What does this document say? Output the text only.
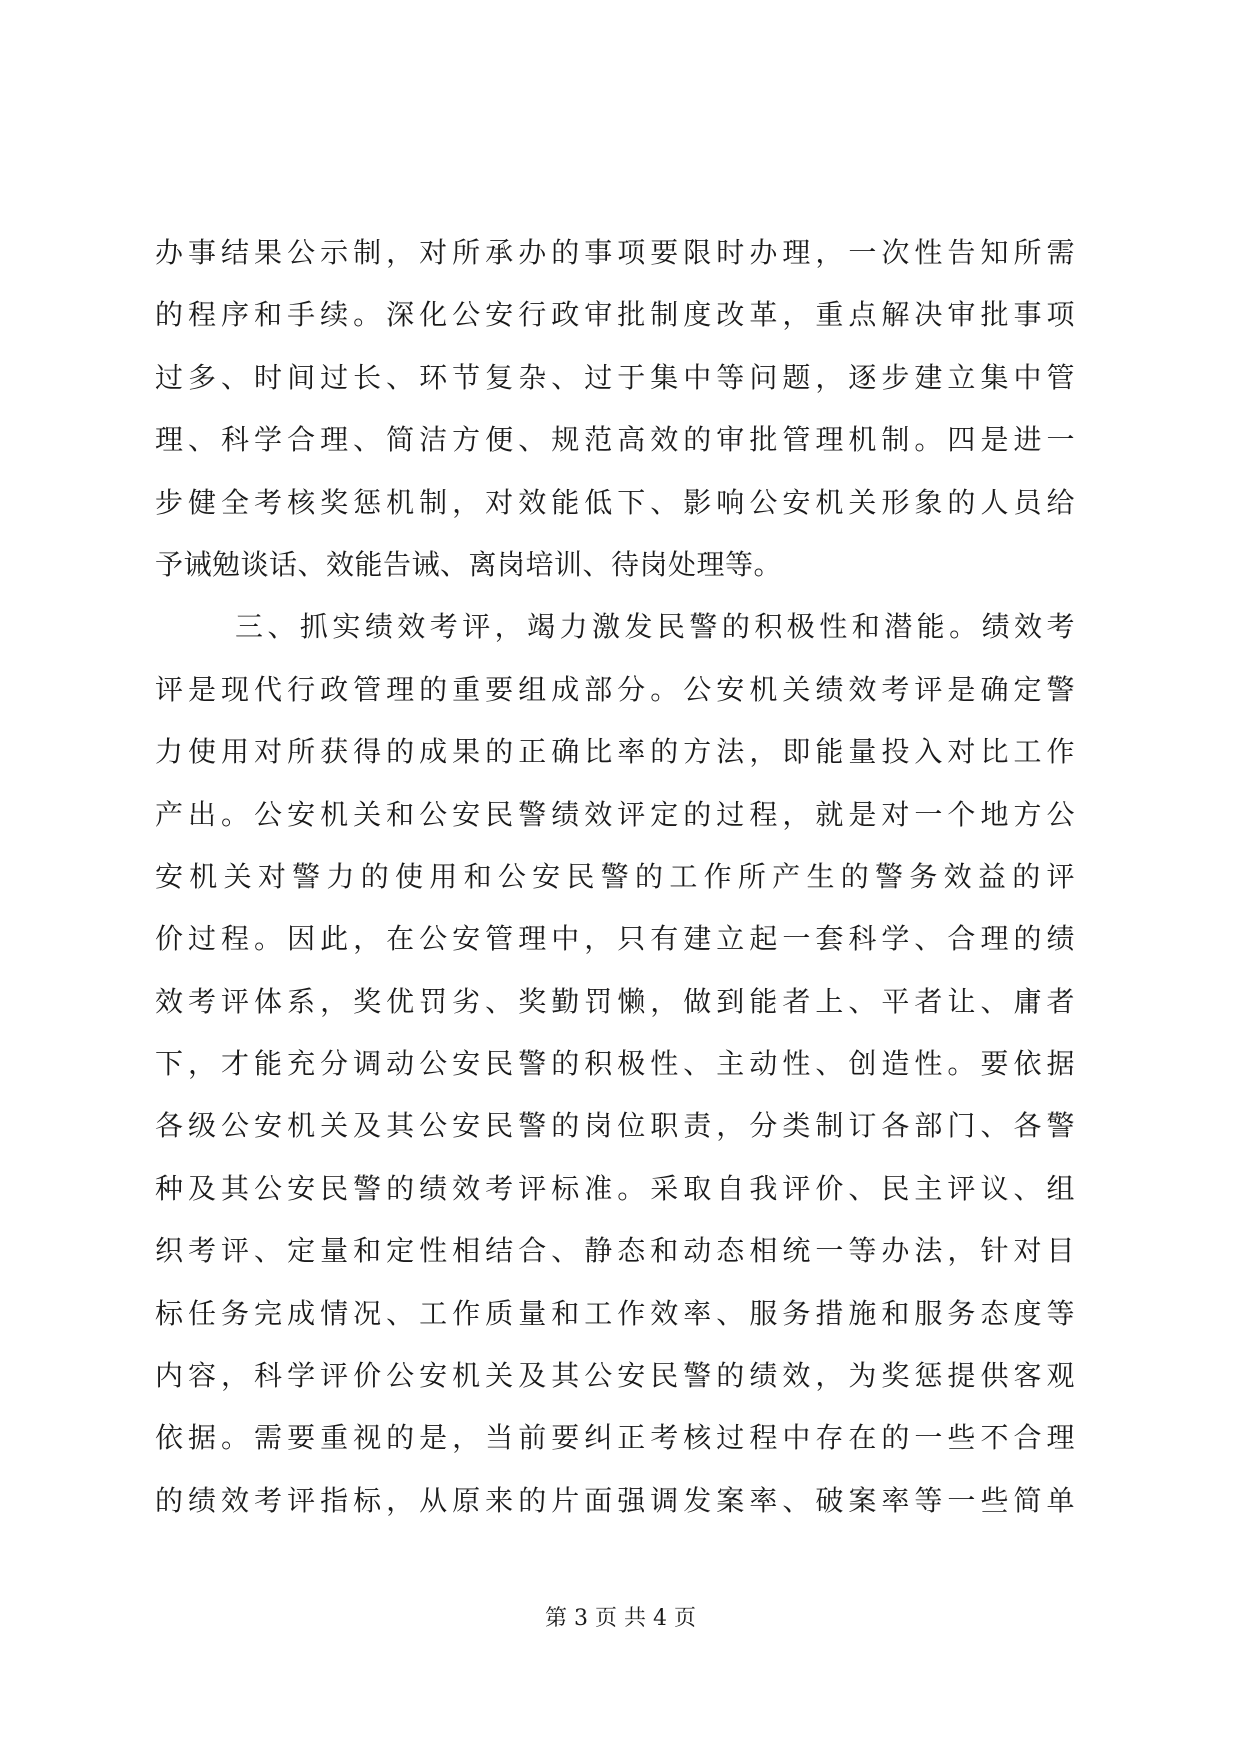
办事结果公示制，对所承办的事项要限时办理，一次性告知所需
的程序和手续。深化公安行政审批制度改革，重点解决审批事项
过多、时间过长、环节复杂、过于集中等问题，逐步建立集中管
理、科学合理、简洁方便、规范高效的审批管理机制。四是进一
步健全考核奖惩机制，对效能低下、影响公安机关形象的人员给
予诫勉谈话、效能告诫、离岗培训、待岗处理等。
三、抓实绩效考评，竭力激发民警的积极性和潜能。绩效考
评是现代行政管理的重要组成部分。公安机关绩效考评是确定警
力使用对所获得的成果的正确比率的方法，即能量投入对比工作
产出。公安机关和公安民警绩效评定的过程，就是对一个地方公
安机关对警力的使用和公安民警的工作所产生的警务效益的评
价过程。因此，在公安管理中，只有建立起一套科学、合理的绩
效考评体系，奖优罚劣、奖勤罚懒，做到能者上、平者让、庸者
下，才能充分调动公安民警的积极性、主动性、创造性。要依据
各级公安机关及其公安民警的岗位职责，分类制订各部门、各警
种及其公安民警的绩效考评标准。采取自我评价、民主评议、组
织考评、定量和定性相结合、静态和动态相统一等办法，针对目
标任务完成情况、工作质量和工作效率、服务措施和服务态度等
内容，科学评价公安机关及其公安民警的绩效，为奖惩提供客观
依据。需要重视的是，当前要纠正考核过程中存在的一些不合理
的绩效考评指标，从原来的片面强调发案率、破案率等一些简单
第 3 页 共 4 页
